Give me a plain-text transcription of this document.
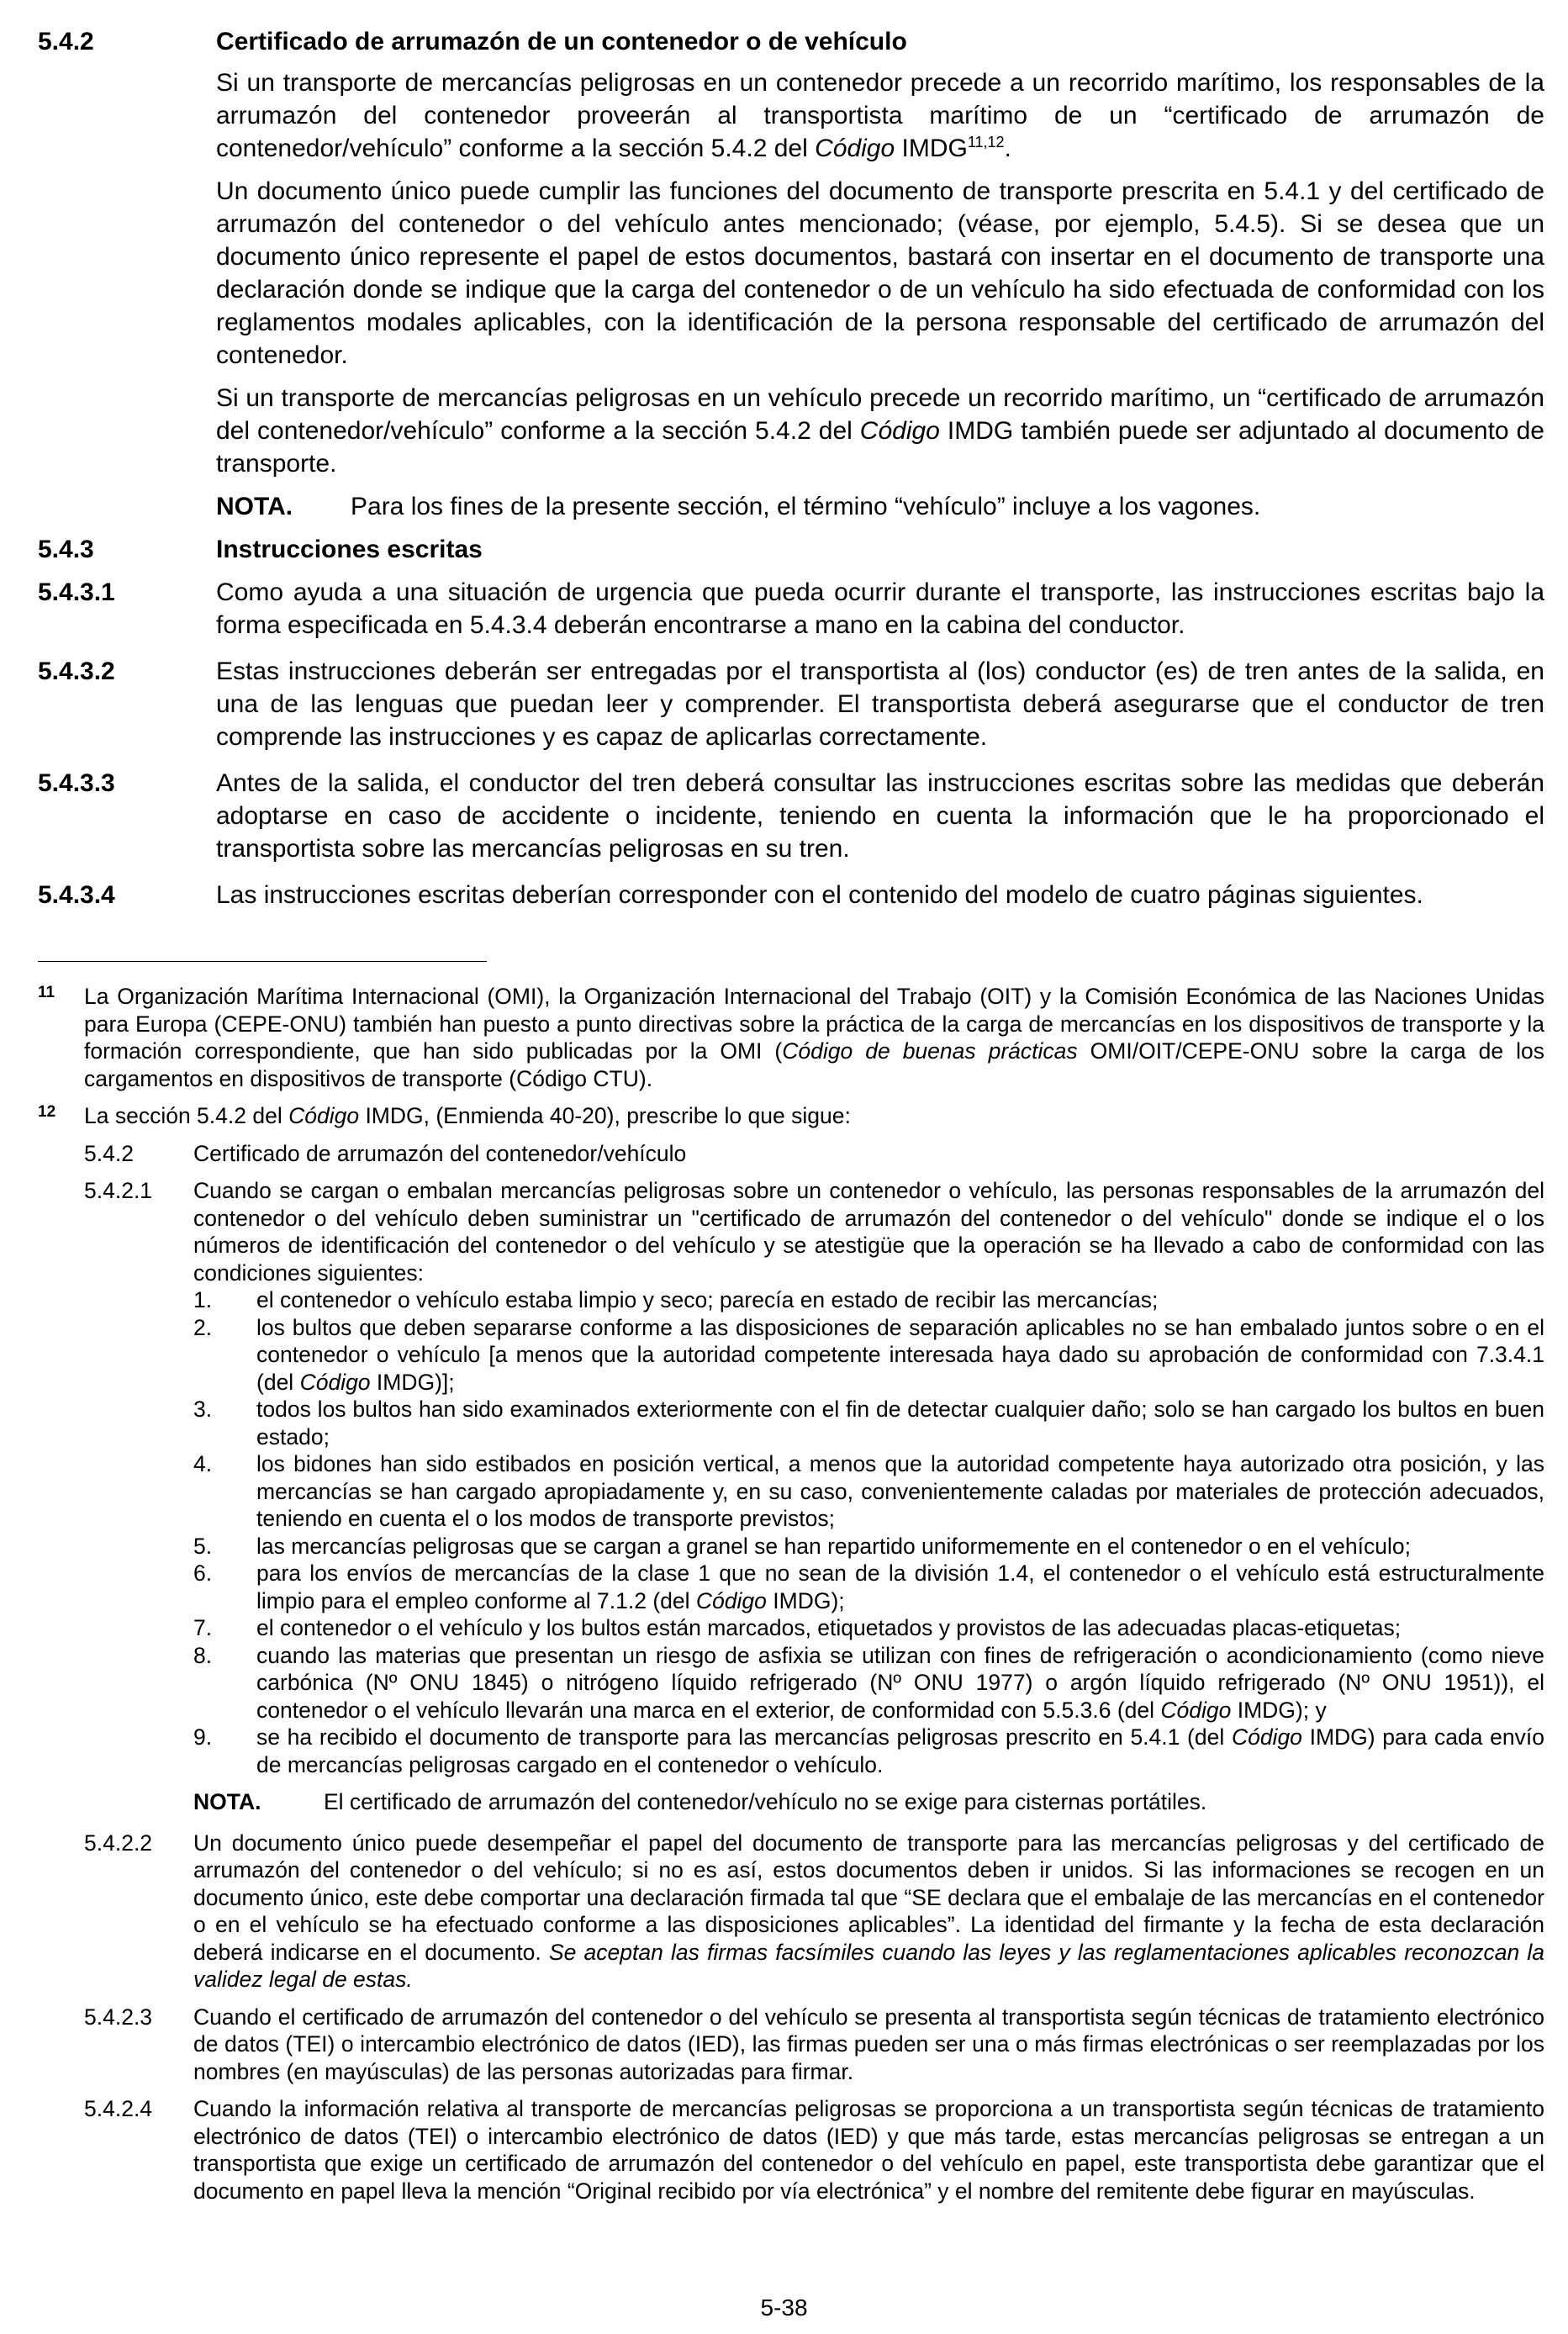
5.4.2	Certificado de arrumazón de un contenedor o de vehículo
Si un transporte de mercancías peligrosas en un contenedor precede a un recorrido marítimo, los responsables de la arrumazón del contenedor proveerán al transportista marítimo de un “certificado de arrumazón de contenedor/vehículo” conforme a la sección 5.4.2 del Código IMDG$^{11,12}$.
Un documento único puede cumplir las funciones del documento de transporte prescrita en 5.4.1 y del certificado de arrumazón del contenedor o del vehículo antes mencionado; (véase, por ejemplo, 5.4.5). Si se desea que un documento único represente el papel de estos documentos, bastará con insertar en el documento de transporte una declaración donde se indique que la carga del contenedor o de un vehículo ha sido efectuada de conformidad con los reglamentos modales aplicables, con la identificación de la persona responsable del certificado de arrumazón del contenedor.
Si un transporte de mercancías peligrosas en un vehículo precede un recorrido marítimo, un “certificado de arrumazón del contenedor/vehículo” conforme a la sección 5.4.2 del Código IMDG también puede ser adjuntado al documento de transporte.
NOTA.	Para los fines de la presente sección, el término “vehículo” incluye a los vagones.
5.4.3	Instrucciones escritas
5.4.3.1	Como ayuda a una situación de urgencia que pueda ocurrir durante el transporte, las instrucciones escritas bajo la forma especificada en 5.4.3.4 deberán encontrarse a mano en la cabina del conductor.
5.4.3.2	Estas instrucciones deberán ser entregadas por el transportista al (los) conductor (es) de tren antes de la salida, en una de las lenguas que puedan leer y comprender. El transportista deberá asegurarse que el conductor de tren comprende las instrucciones y es capaz de aplicarlas correctamente.
5.4.3.3	Antes de la salida, el conductor del tren deberá consultar las instrucciones escritas sobre las medidas que deberán adoptarse en caso de accidente o incidente, teniendo en cuenta la información que le ha proporcionado el transportista sobre las mercancías peligrosas en su tren.
5.4.3.4	Las instrucciones escritas deberían corresponder con el contenido del modelo de cuatro páginas siguientes.
11	La Organización Marítima Internacional (OMI), la Organización Internacional del Trabajo (OIT) y la Comisión Económica de las Naciones Unidas para Europa (CEPE-ONU) también han puesto a punto directivas sobre la práctica de la carga de mercancías en los dispositivos de transporte y la formación correspondiente, que han sido publicadas por la OMI (Código de buenas prácticas OMI/OIT/CEPE-ONU sobre la carga de los cargamentos en dispositivos de transporte (Código CTU).
12	La sección 5.4.2 del Código IMDG, (Enmienda 40-20), prescribe lo que sigue:
5.4.2	Certificado de arrumazón del contenedor/vehículo
5.4.2.1	Cuando se cargan o embalan mercancías peligrosas sobre un contenedor o vehículo, las personas responsables de la arrumazón del contenedor o del vehículo deben suministrar un "certificado de arrumazón del contenedor o del vehículo" donde se indique el o los números de identificación del contenedor o del vehículo y se atestigüe que la operación se ha llevado a cabo de conformidad con las condiciones siguientes:
1.	el contenedor o vehículo estaba limpio y seco; parecía en estado de recibir las mercancías;
2.	los bultos que deben separarse conforme a las disposiciones de separación aplicables no se han embalado juntos sobre o en el contenedor o vehículo [a menos que la autoridad competente interesada haya dado su aprobación de conformidad con 7.3.4.1 (del Código IMDG)];
3.	todos los bultos han sido examinados exteriormente con el fin de detectar cualquier daño; solo se han cargado los bultos en buen estado;
4.	los bidones han sido estibados en posición vertical, a menos que la autoridad competente haya autorizado otra posición, y las mercancías se han cargado apropiadamente y, en su caso, convenientemente caladas por materiales de protección adecuados, teniendo en cuenta el o los modos de transporte previstos;
5.	las mercancías peligrosas que se cargan a granel se han repartido uniformemente en el contenedor o en el vehículo;
6.	para los envíos de mercancías de la clase 1 que no sean de la división 1.4, el contenedor o el vehículo está estructuralmente limpio para el empleo conforme al 7.1.2 (del Código IMDG);
7.	el contenedor o el vehículo y los bultos están marcados, etiquetados y provistos de las adecuadas placas-etiquetas;
8.	cuando las materias que presentan un riesgo de asfixia se utilizan con fines de refrigeración o acondicionamiento (como nieve carbónica (Nº ONU 1845) o nitrógeno líquido refrigerado (Nº ONU 1977) o argón líquido refrigerado (Nº ONU 1951)), el contenedor o el vehículo llevarán una marca en el exterior, de conformidad con 5.5.3.6 (del Código IMDG); y
9.	se ha recibido el documento de transporte para las mercancías peligrosas prescrito en 5.4.1 (del Código IMDG) para cada envío de mercancías peligrosas cargado en el contenedor o vehículo.
NOTA.	El certificado de arrumazón del contenedor/vehículo no se exige para cisternas portátiles.
5.4.2.2	Un documento único puede desempeñar el papel del documento de transporte para las mercancías peligrosas y del certificado de arrumazón del contenedor o del vehículo; si no es así, estos documentos deben ir unidos. Si las informaciones se recogen en un documento único, este debe comportar una declaración firmada tal que “SE declara que el embalaje de las mercancías en el contenedor o en el vehículo se ha efectuado conforme a las disposiciones aplicables”. La identidad del firmante y la fecha de esta declaración deberá indicarse en el documento. Se aceptan las firmas facsímiles cuando las leyes y las reglamentaciones aplicables reconozcan la validez legal de estas.
5.4.2.3	Cuando el certificado de arrumazón del contenedor o del vehículo se presenta al transportista según técnicas de tratamiento electrónico de datos (TEI) o intercambio electrónico de datos (IED), las firmas pueden ser una o más firmas electrónicas o ser reemplazadas por los nombres (en mayúsculas) de las personas autorizadas para firmar.
5.4.2.4	Cuando la información relativa al transporte de mercancías peligrosas se proporciona a un transportista según técnicas de tratamiento electrónico de datos (TEI) o intercambio electrónico de datos (IED) y que más tarde, estas mercancías peligrosas se entregan a un transportista que exige un certificado de arrumazón del contenedor o del vehículo en papel, este transportista debe garantizar que el documento en papel lleva la mención “Original recibido por vía electrónica” y el nombre del remitente debe figurar en mayúsculas.
5-38
